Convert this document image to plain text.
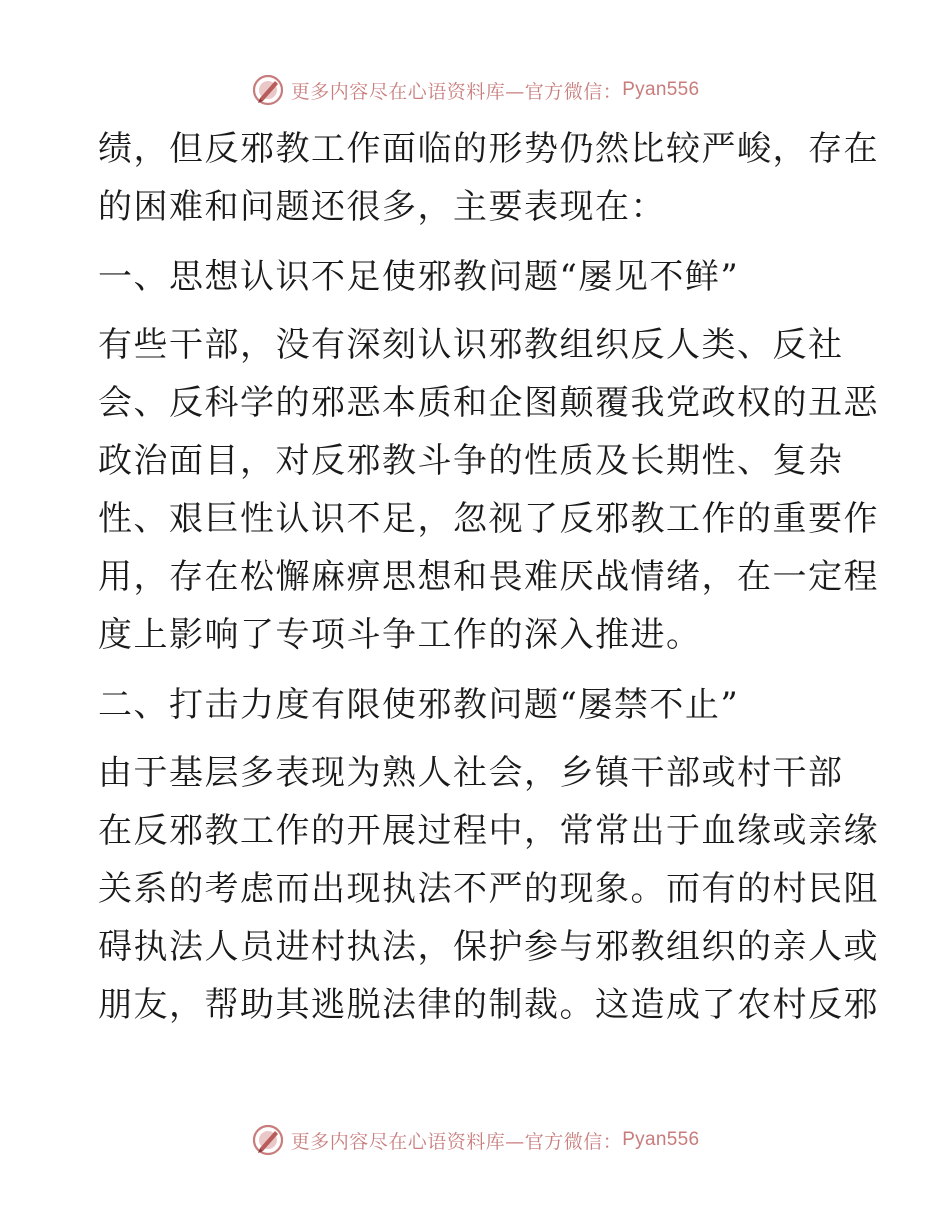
更多内容尽在心语资料库—官方微信： Pyan556
绩，但反邪教工作面临的形势仍然比较严峻，存在
的困难和问题还很多，主要表现在：
一、思想认识不足使邪教问题“屡见不鲜”
有些干部，没有深刻认识邪教组织反人类、反社
会、反科学的邪恶本质和企图颠覆我党政权的丑恶
政治面目，对反邪教斗争的性质及长期性、复杂
性、艰巨性认识不足，忽视了反邪教工作的重要作
用，存在松懈麻痹思想和畏难厌战情绪，在一定程
度上影响了专项斗争工作的深入推进。
二、打击力度有限使邪教问题“屡禁不止”
由于基层多表现为熟人社会，乡镇干部或村干部
在反邪教工作的开展过程中，常常出于血缘或亲缘
关系的考虑而出现执法不严的现象。而有的村民阻
碍执法人员进村执法，保护参与邪教组织的亲人或
朋友，帮助其逃脱法律的制裁。这造成了农村反邪
更多内容尽在心语资料库—官方微信： Pyan556
